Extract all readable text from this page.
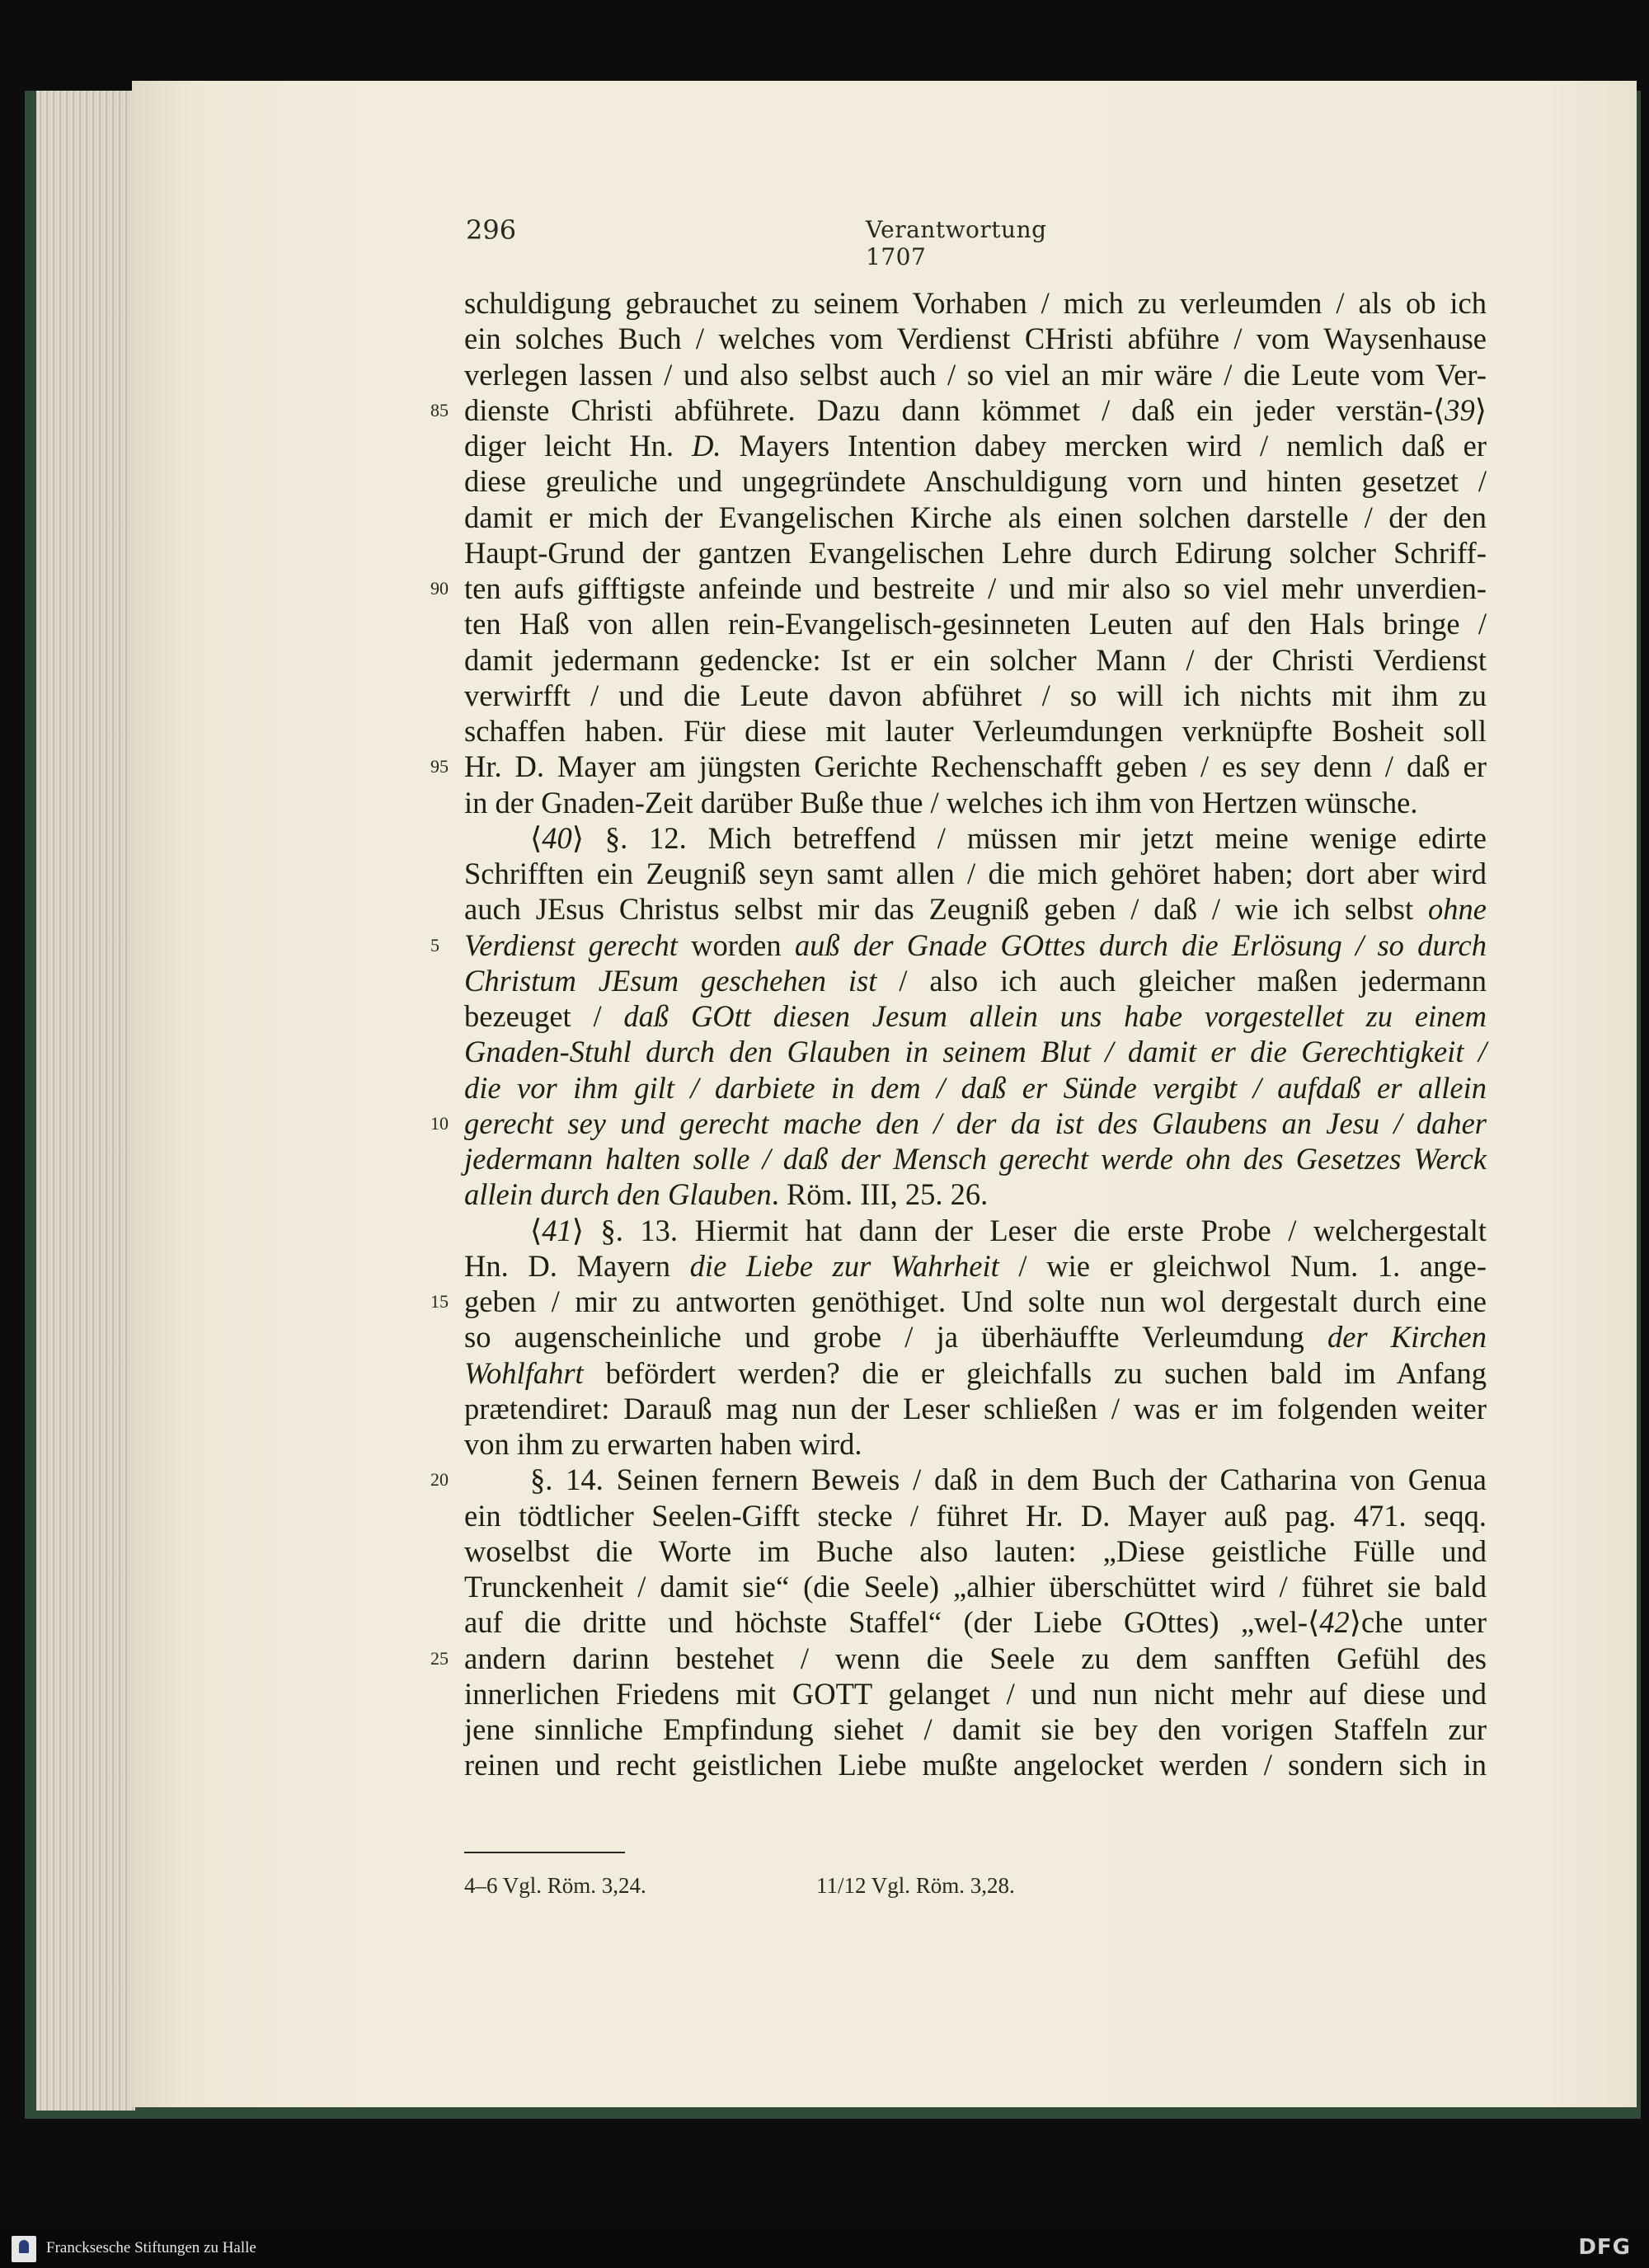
296	Verantwortung 1707
schuldigung gebrauchet zu seinem Vorhaben / mich zu verleumden / als ob ich
ein solches Buch / welches vom Verdienst CHristi abführe / vom Waysenhause
verlegen lassen / und also selbst auch / so viel an mir wäre / die Leute vom Ver-
85 dienste Christi abführete. Dazu dann kömmet / daß ein jeder verstän-⟨39⟩
diger leicht Hn. D. Mayers Intention dabey mercken wird / nemlich daß er
diese greuliche und ungegründete Anschuldigung vorn und hinten gesetzet /
damit er mich der Evangelischen Kirche als einen solchen darstelle / der den
Haupt-Grund der gantzen Evangelischen Lehre durch Edirung solcher Schriff-
90 ten aufs gifftigste anfeinde und bestreite / und mir also so viel mehr unverdien-
ten Haß von allen rein-Evangelisch-gesinneten Leuten auf den Hals bringe /
damit jedermann gedencke: Ist er ein solcher Mann / der Christi Verdienst
verwirfft / und die Leute davon abführet / so will ich nichts mit ihm zu
schaffen haben. Für diese mit lauter Verleumdungen verknüpfte Bosheit soll
95 Hr. D. Mayer am jüngsten Gerichte Rechenschafft geben / es sey denn / daß er
in der Gnaden-Zeit darüber Buße thue / welches ich ihm von Hertzen wünsche.
⟨40⟩ §. 12. Mich betreffend / müssen mir jetzt meine wenige edirte
Schrifften ein Zeugniß seyn samt allen / die mich gehöret haben; dort aber wird
auch JEsus Christus selbst mir das Zeugniß geben / daß / wie ich selbst ohne
5 Verdienst gerecht worden auß der Gnade GOttes durch die Erlösung / so durch
Christum JEsum geschehen ist / also ich auch gleicher maßen jedermann
bezeuget / daß GOtt diesen Jesum allein uns habe vorgestellet zu einem
Gnaden-Stuhl durch den Glauben in seinem Blut / damit er die Gerechtigkeit /
die vor ihm gilt / darbiete in dem / daß er Sünde vergibt / aufdaß er allein
10 gerecht sey und gerecht mache den / der da ist des Glaubens an Jesu / daher
jedermann halten solle / daß der Mensch gerecht werde ohn des Gesetzes Werck
allein durch den Glauben. Röm. III, 25. 26.
⟨41⟩ §. 13. Hiermit hat dann der Leser die erste Probe / welchergestalt
Hn. D. Mayern die Liebe zur Wahrheit / wie er gleichwol Num. 1. ange-
15 geben / mir zu antworten genöthiget. Und solte nun wol dergestalt durch eine
so augenscheinliche und grobe / ja überhäuffte Verleumdung der Kirchen
Wohlfahrt befördert werden? die er gleichfalls zu suchen bald im Anfang
prætendiret: Darauß mag nun der Leser schließen / was er im folgenden weiter
von ihm zu erwarten haben wird.
20	§. 14. Seinen fernern Beweis / daß in dem Buch der Catharina von Genua
ein tödtlicher Seelen-Gifft stecke / führet Hr. D. Mayer auß pag. 471. seqq.
woselbst die Worte im Buche also lauten: „Diese geistliche Fülle und
Trunckenheit / damit sie“ (die Seele) „alhier überschüttet wird / führet sie bald
auf die dritte und höchste Staffel“ (der Liebe GOttes) „wel-⟨42⟩che unter
25 andern darinn bestehet / wenn die Seele zu dem sanfften Gefühl des
innerlichen Friedens mit GOTT gelanget / und nun nicht mehr auf diese und
jene sinnliche Empfindung siehet / damit sie bey den vorigen Staffeln zur
reinen und recht geistlichen Liebe mußte angelocket werden / sondern sich in
4–6 Vgl. Röm. 3,24.	11/12 Vgl. Röm. 3,28.
Francksesche Stiftungen zu Halle	DFG
